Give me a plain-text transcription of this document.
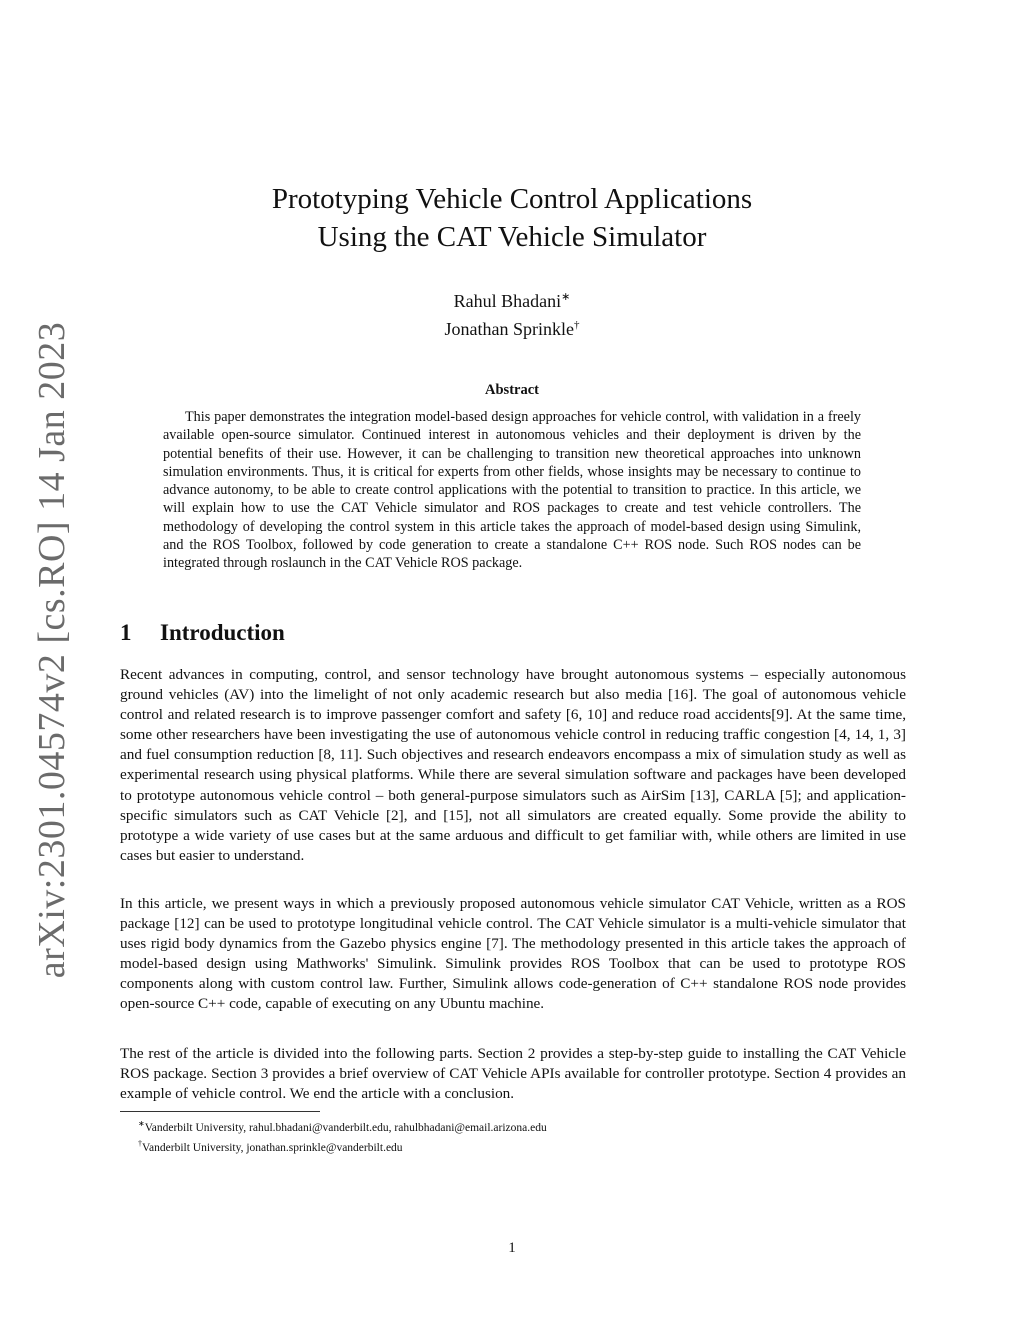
arXiv:2301.04574v2 [cs.RO] 14 Jan 2023
Prototyping Vehicle Control Applications
Using the CAT Vehicle Simulator
Rahul Bhadani∗
Jonathan Sprinkle†
Abstract
This paper demonstrates the integration model-based design approaches for vehicle control, with validation in a freely available open-source simulator. Continued interest in autonomous vehicles and their deployment is driven by the potential benefits of their use. However, it can be challenging to transition new theoretical approaches into unknown simulation environments. Thus, it is critical for experts from other fields, whose insights may be necessary to continue to advance autonomy, to be able to create control applications with the potential to transition to practice. In this article, we will explain how to use the CAT Vehicle simulator and ROS packages to create and test vehicle controllers. The methodology of developing the control system in this article takes the approach of model-based design using Simulink, and the ROS Toolbox, followed by code generation to create a standalone C++ ROS node. Such ROS nodes can be integrated through roslaunch in the CAT Vehicle ROS package.
1 Introduction
Recent advances in computing, control, and sensor technology have brought autonomous systems – especially autonomous ground vehicles (AV) into the limelight of not only academic research but also media [16]. The goal of autonomous vehicle control and related research is to improve passenger comfort and safety [6, 10] and reduce road accidents[9]. At the same time, some other researchers have been investigating the use of autonomous vehicle control in reducing traffic congestion [4, 14, 1, 3] and fuel consumption reduction [8, 11]. Such objectives and research endeavors encompass a mix of simulation study as well as experimental research using physical platforms. While there are several simulation software and packages have been developed to prototype autonomous vehicle control – both general-purpose simulators such as AirSim [13], CARLA [5]; and application-specific simulators such as CAT Vehicle [2], and [15], not all simulators are created equally. Some provide the ability to prototype a wide variety of use cases but at the same arduous and difficult to get familiar with, while others are limited in use cases but easier to understand.
In this article, we present ways in which a previously proposed autonomous vehicle simulator CAT Vehicle, written as a ROS package [12] can be used to prototype longitudinal vehicle control. The CAT Vehicle simulator is a multi-vehicle simulator that uses rigid body dynamics from the Gazebo physics engine [7]. The methodology presented in this article takes the approach of model-based design using Mathworks' Simulink. Simulink provides ROS Toolbox that can be used to prototype ROS components along with custom control law. Further, Simulink allows code-generation of C++ standalone ROS node provides open-source C++ code, capable of executing on any Ubuntu machine.
The rest of the article is divided into the following parts. Section 2 provides a step-by-step guide to installing the CAT Vehicle ROS package. Section 3 provides a brief overview of CAT Vehicle APIs available for controller prototype. Section 4 provides an example of vehicle control. We end the article with a conclusion.
∗Vanderbilt University, rahul.bhadani@vanderbilt.edu, rahulbhadani@email.arizona.edu
†Vanderbilt University, jonathan.sprinkle@vanderbilt.edu
1
